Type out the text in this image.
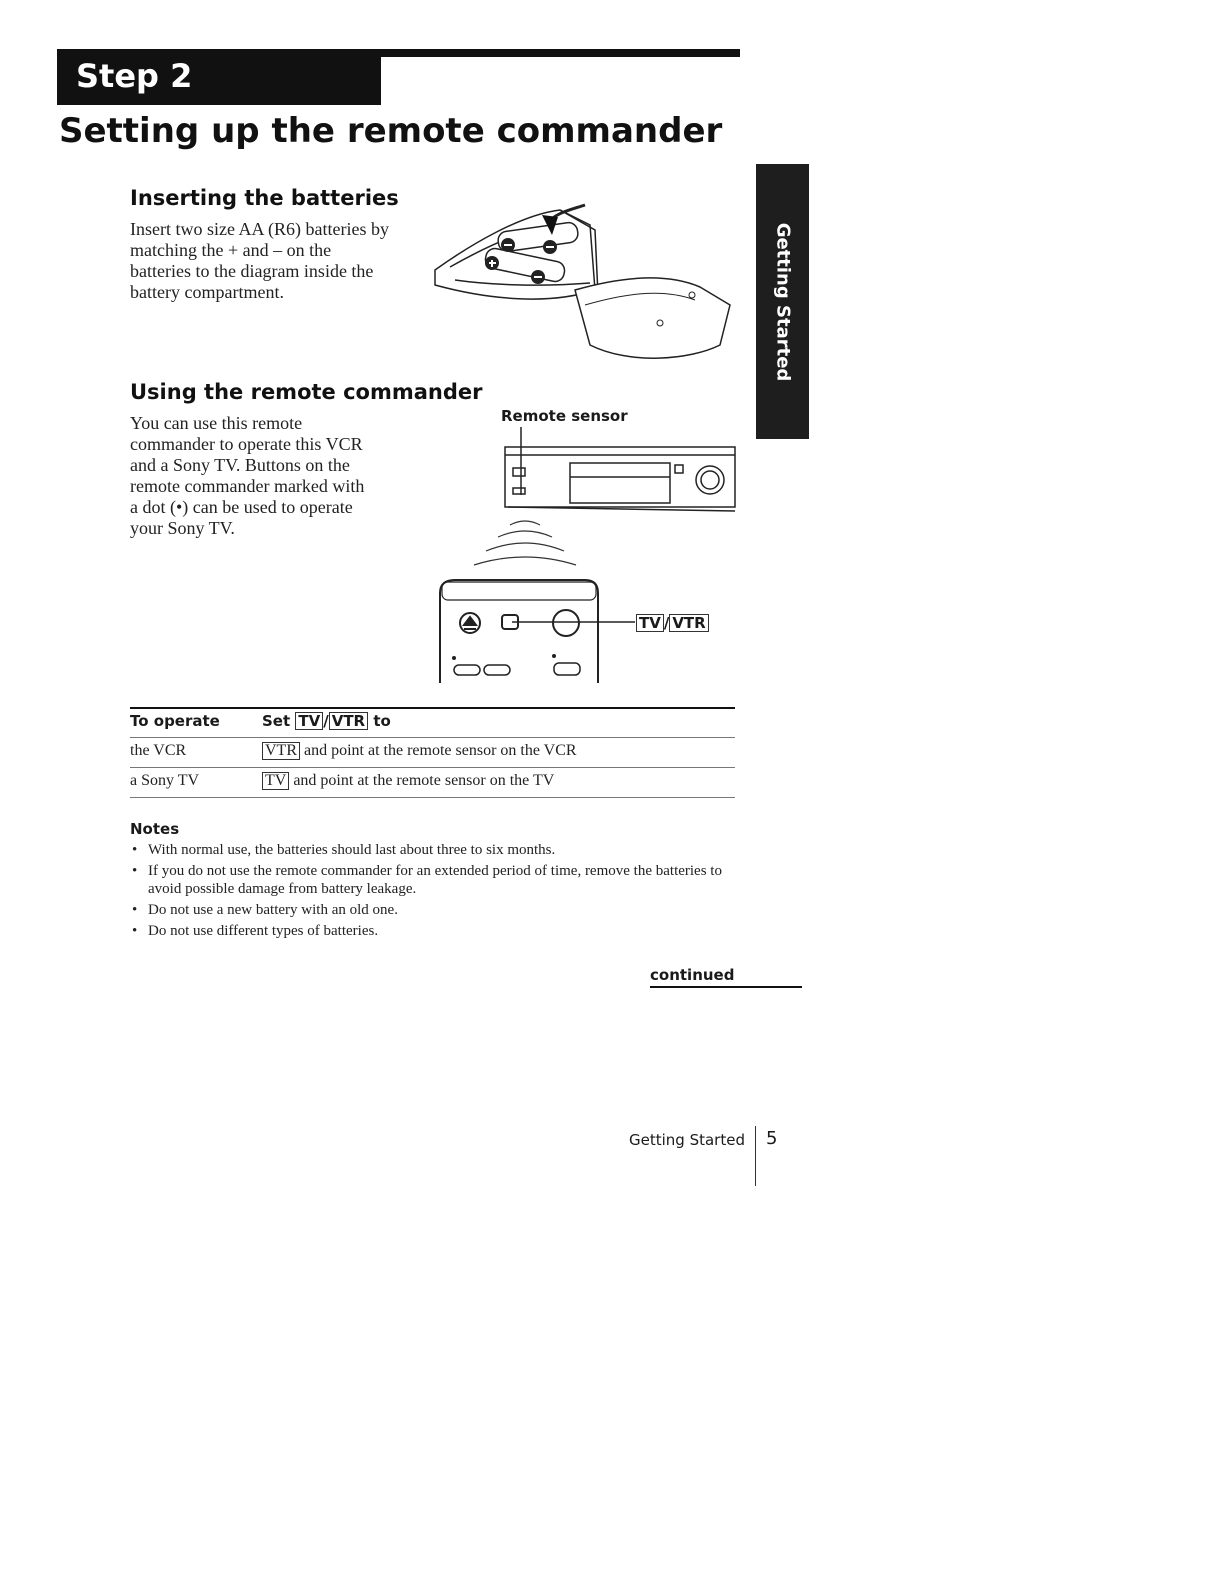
Step 2
Setting up the remote commander
Getting Started
Inserting the batteries
Insert two size AA (R6) batteries by
matching the + and – on the
batteries to the diagram inside the
battery compartment.
Using the remote commander
You can use this remote
commander to operate this VCR
and a Sony TV. Buttons on the
remote commander marked with
a dot (•) can be used to operate
your Sony TV.
Remote sensor
TV / VTR
To operate	Set TV / VTR to
the VCR	VTR and point at the remote sensor on the VCR
a Sony TV	TV and point at the remote sensor on the TV
Notes
• With normal use, the batteries should last about three to six months.
• If you do not use the remote commander for an extended period of time, remove the batteries to avoid possible damage from battery leakage.
• Do not use a new battery with an old one.
• Do not use different types of batteries.
continued
Getting Started 5
